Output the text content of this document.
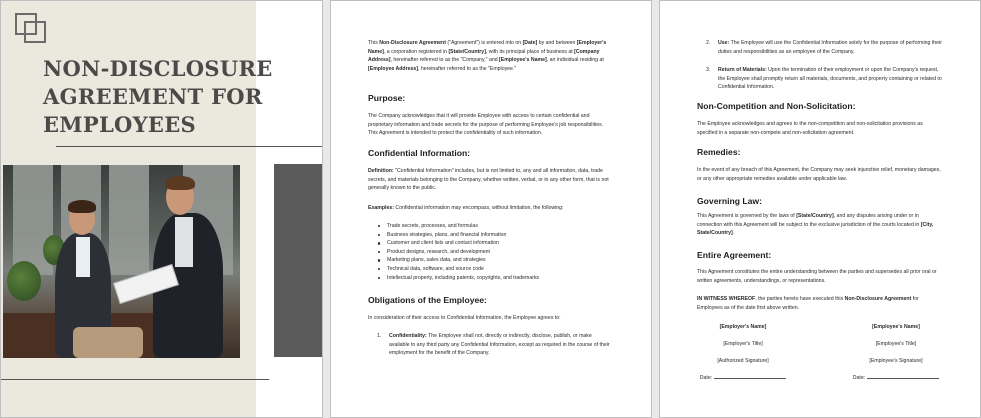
NON-DISCLOSURE
AGREEMENT FOR
EMPLOYEES

This Non-Disclosure Agreement ("Agreement") is entered into on [Date] by and between [Employer's Name], a corporation registered in [State/Country], with its principal place of business at [Company Address], hereinafter referred to as the "Company," and [Employee's Name], an individual residing at [Employee Address], hereinafter referred to as the "Employee."

Purpose:

The Company acknowledges that it will provide Employee with access to certain confidential and proprietary information and trade secrets for the purpose of performing Employee's job responsibilities. This Agreement is intended to protect the confidentiality of such information.

Confidential Information:

Definition: "Confidential Information" includes, but is not limited to, any and all information, data, trade secrets, and materials belonging to the Company, whether written, verbal, or in any other form, that is not generally known to the public.

Examples: Confidential information may encompass, without limitation, the following:

Trade secrets, processes, and formulas
Business strategies, plans, and financial information
Customer and client lists and contact information
Product designs, research, and development
Marketing plans, sales data, and strategies
Technical data, software, and source code
Intellectual property, including patents, copyrights, and trademarks
Obligations of the Employee:

In consideration of their access to Confidential Information, the Employee agrees to:

1.	Confidentiality: The Employee shall not, directly or indirectly, disclose, publish, or make available to any third party any Confidential Information, except as required in the course of their employment for the benefit of the Company.
2.	Use: The Employee will use the Confidential Information solely for the purpose of performing their duties and responsibilities as an employee of the Company.
3.	Return of Materials: Upon the termination of their employment or upon the Company's request, the Employee shall promptly return all materials, documents, and property containing or related to Confidential Information.
Non-Competition and Non-Solicitation:

The Employee acknowledges and agrees to the non-competition and non-solicitation provisions as specified in a separate non-compete and non-solicitation agreement.

Remedies:

In the event of any breach of this Agreement, the Company may seek injunctive relief, monetary damages, or any other appropriate remedies available under applicable law.

Governing Law:

This Agreement is governed by the laws of [State/Country], and any disputes arising under or in connection with this Agreement will be subject to the exclusive jurisdiction of the courts located in [City, State/Country].

Entire Agreement:

This Agreement constitutes the entire understanding between the parties and supersedes all prior oral or written agreements, understandings, or representations.

IN WITNESS WHEREOF, the parties hereto have executed this Non-Disclosure Agreement for Employees as of the date first above written.

[Employer's Name]
[Employer's Title]
[Authorized Signature]
Date:
[Employee's Name]
[Employee's Title]
[Employee's Signature]
Date:
